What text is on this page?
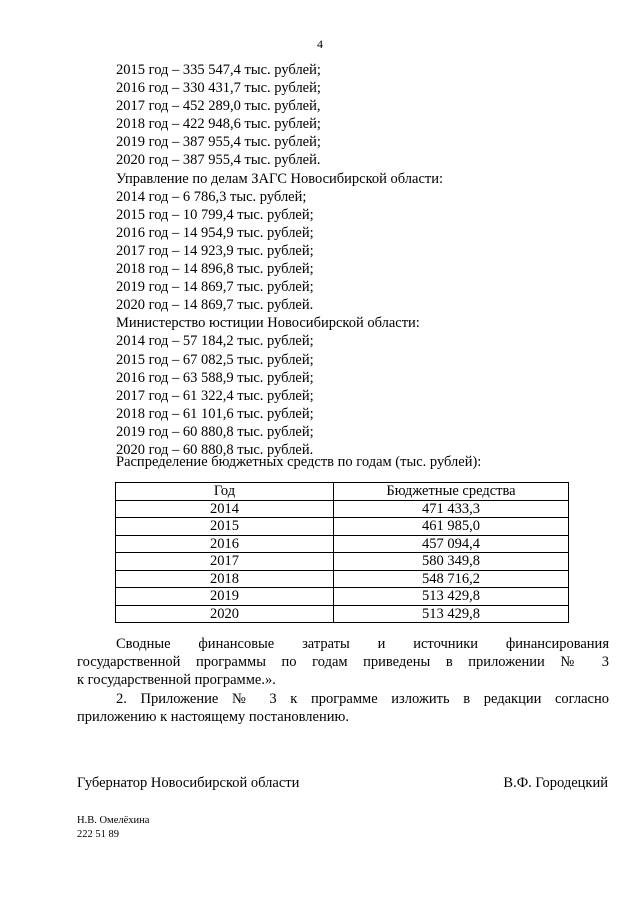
4
2015 год – 335 547,4 тыс. рублей;
2016 год – 330 431,7 тыс. рублей;
2017 год – 452 289,0 тыс. рублей,
2018 год – 422 948,6 тыс. рублей;
2019 год – 387 955,4 тыс. рублей;
2020 год – 387 955,4 тыс. рублей.
Управление по делам ЗАГС Новосибирской области:
2014 год – 6 786,3 тыс. рублей;
2015 год – 10 799,4 тыс. рублей;
2016 год – 14 954,9 тыс. рублей;
2017 год – 14 923,9 тыс. рублей;
2018 год – 14 896,8 тыс. рублей;
2019 год – 14 869,7 тыс. рублей;
2020 год – 14 869,7 тыс. рублей.
Министерство юстиции Новосибирской области:
2014 год – 57 184,2 тыс. рублей;
2015 год – 67 082,5 тыс. рублей;
2016 год – 63 588,9 тыс. рублей;
2017 год – 61 322,4 тыс. рублей;
2018 год – 61 101,6 тыс. рублей;
2019 год – 60 880,8 тыс. рублей;
2020 год – 60 880,8 тыс. рублей.
Распределение бюджетных средств по годам (тыс. рублей):
Год	Бюджетные средства
2014	471 433,3
2015	461 985,0
2016	457 094,4
2017	580 349,8
2018	548 716,2
2019	513 429,8
2020	513 429,8
Сводные финансовые затраты и источники финансирования
государственной программы по годам приведены в приложении № 3
к государственной программе.».
2. Приложение № 3 к программе изложить в редакции согласно
приложению к настоящему постановлению.
Губернатор Новосибирской области	В.Ф. Городецкий
Н.В. Омелёхина
222 51 89
